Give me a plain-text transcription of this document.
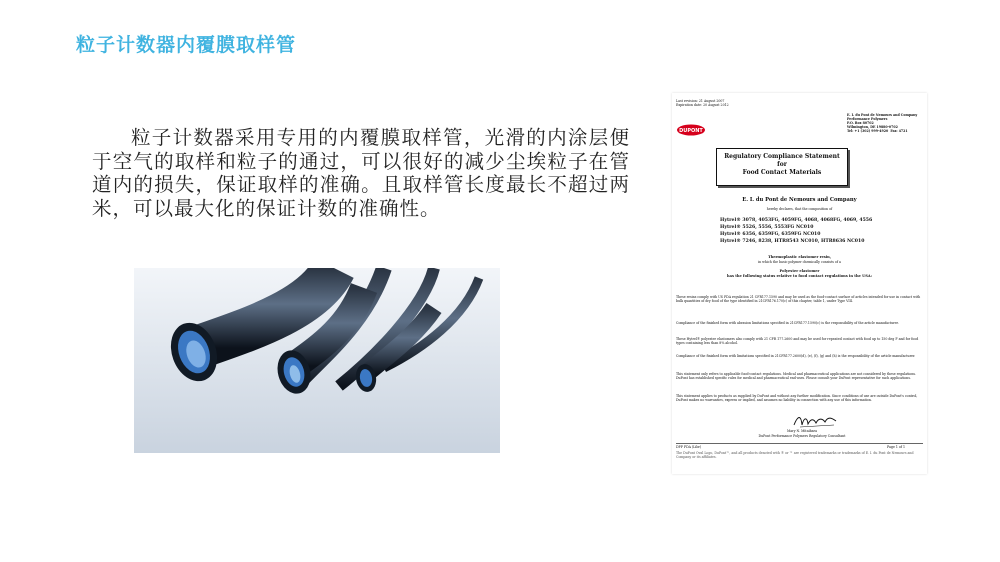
粒子计数器内覆膜取样管
粒子计数器采用专用的内覆膜取样管，光滑的内涂层便于空气的取样和粒子的通过，可以很好的减少尘埃粒子在管道内的损失，保证取样的准确。且取样管长度最长不超过两米，可以最大化的保证计数的准确性。
Last revision: 21 August 2007
Expiration date: 20 August 2012
E. I. du Pont de Nemours and Company
Performance Polymers
P.O. Box 80702
Wilmington, DE 19880-0702
Tel: +1 (302) 999-4920  Fax: 4721
DUPONT
Regulatory Compliance Statement
for
Food Contact Materials
E. I. du Pont de Nemours and Company
hereby declares, that the composition of
Hytrel® 3078, 4053FG, 4059FG, 4068, 4068FG, 4069, 4556
Hytrel® 5526, 5556, 5553FG NC010
Hytrel® 6356, 6359FG, 6359FG NC010
Hytrel® 7246, 8238, HTR8543 NC010, HTR8636 NC010
Thermoplastic elastomer resin,
in which the basic polymer chemically consists of a
Polyester elastomer
has the following status relative to food contact regulations in the USA:
These resins comply with US FDA regulation 21 CFR177.1590 and may be used as the food-contact surface of articles intended for use in contact with bulk quantities of dry food of the type identified in 21CFR176.170(c) of this chapter, table 1, under Type VIII.
Compliance of the finished form with abrasion limitations specified in 21CFR177.1590(c) is the responsibility of the article manufacturer.
These Hytrel® polyester elastomers also comply with 21 CFR 177.2600 and may be used for repeated contact with food up to 150 deg F and for food types containing less than 8% alcohol.
Compliance of the finished form with limitations specified in 21CFR177.2600(d), (e), (f), (g) and (h) is the responsibility of the article manufacturer.
This statement only refers to applicable food-contact regulations. Medical and pharmaceutical applications are not considered by these regulations. DuPont has established specific rules for medical and pharmaceutical end-uses. Please consult your DuPont representative for such applications.
This statement applies to products as supplied by DuPont and without any further modification. Since conditions of use are outside DuPont's control, DuPont makes no warranties, express or implied, and assumes no liability in connection with any use of this information.
Mary N. Mitaibara
DuPont Performance Polymers Regulatory Consultant
DPP FDA (Libr)	Page 1 of 1
The DuPont Oval Logo, DuPont™, and all products denoted with ® or ™ are registered trademarks or trademarks of E. I. du Pont de Nemours and Company or its affiliates.
